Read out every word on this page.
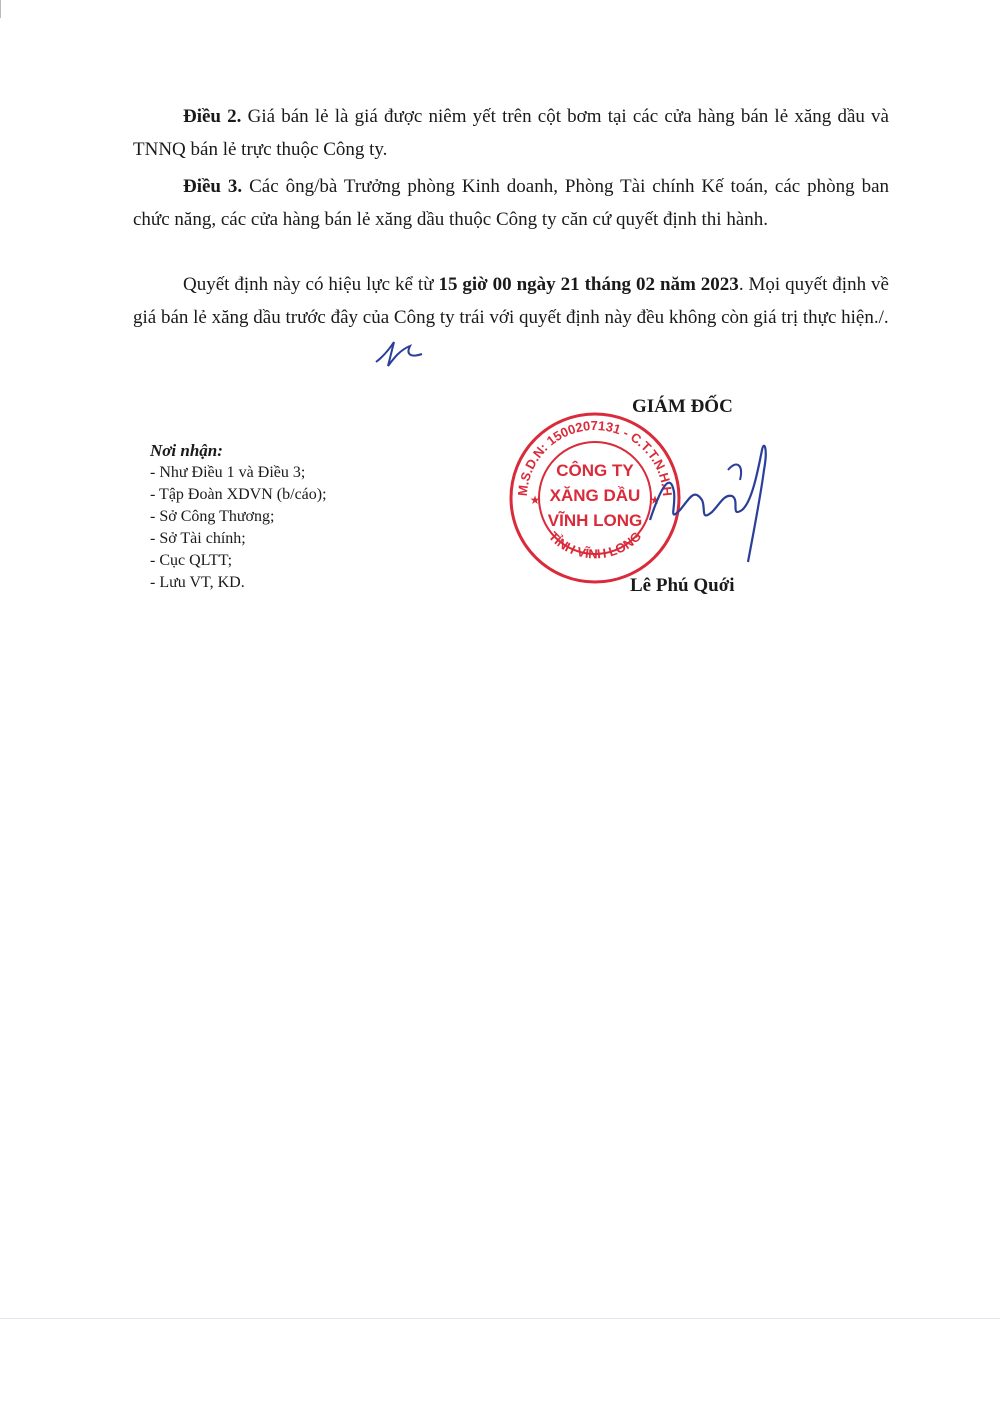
Điều 2. Giá bán lẻ là giá được niêm yết trên cột bơm tại các cửa hàng bán lẻ xăng dầu và TNNQ bán lẻ trực thuộc Công ty.

Điều 3. Các ông/bà Trưởng phòng Kinh doanh, Phòng Tài chính Kế toán, các phòng ban chức năng, các cửa hàng bán lẻ xăng dầu thuộc Công ty căn cứ quyết định thi hành.

Quyết định này có hiệu lực kể từ 15 giờ 00 ngày 21 tháng 02 năm 2023. Mọi quyết định về giá bán lẻ xăng dầu trước đây của Công ty trái với quyết định này đều không còn giá trị thực hiện./.

GIÁM ĐỐC

M.S.D.N: 1500207131 - C.T.T.N.H.H
TỈNH VĨNH LONG
CÔNG TY
XĂNG DẦU
VĨNH LONG
★	★

Lê Phú Quới

Nơi nhận:
- Như Điều 1 và Điều 3;
- Tập Đoàn XDVN (b/cáo);
- Sở Công Thương;
- Sở Tài chính;
- Cục QLTT;
- Lưu VT, KD.
